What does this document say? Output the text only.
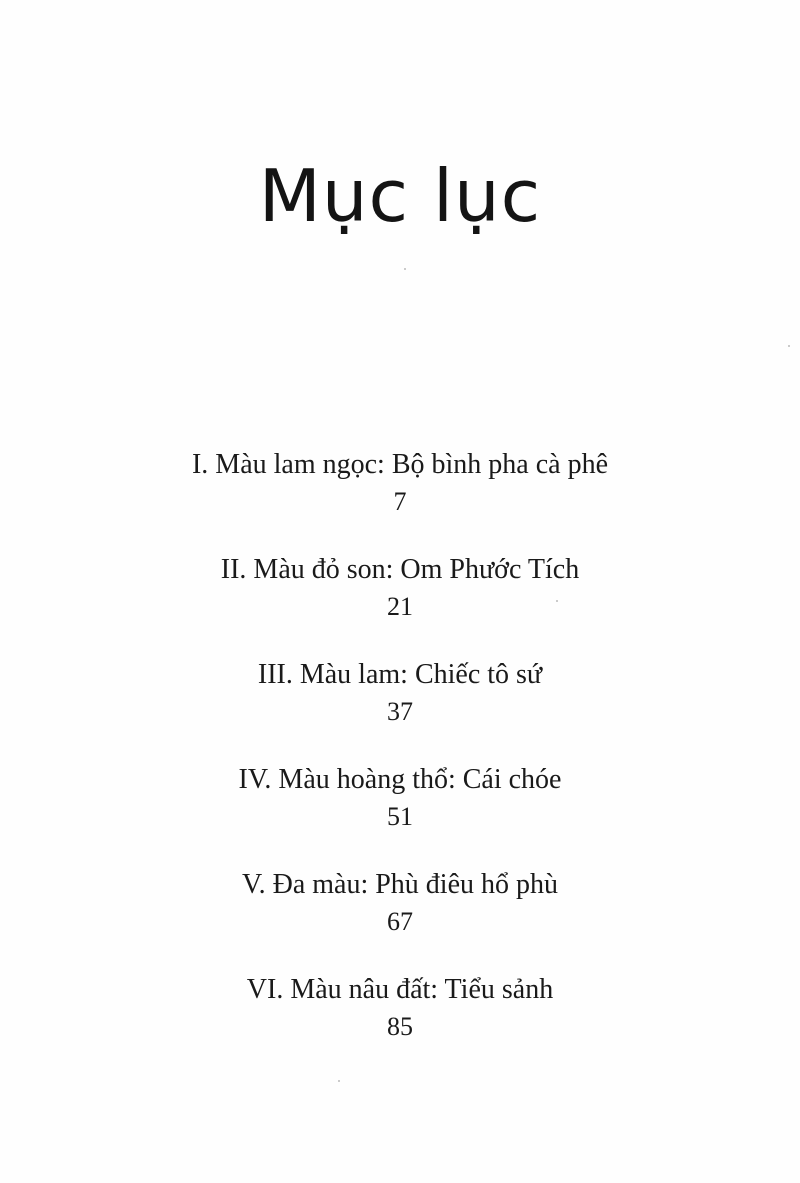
Mục lục
I. Màu lam ngọc: Bộ bình pha cà phê
7
II. Màu đỏ son: Om Phước Tích
21
III. Màu lam: Chiếc tô sứ
37
IV. Màu hoàng thổ: Cái chóe
51
V. Đa màu: Phù điêu hổ phù
67
VI. Màu nâu đất: Tiểu sảnh
85
